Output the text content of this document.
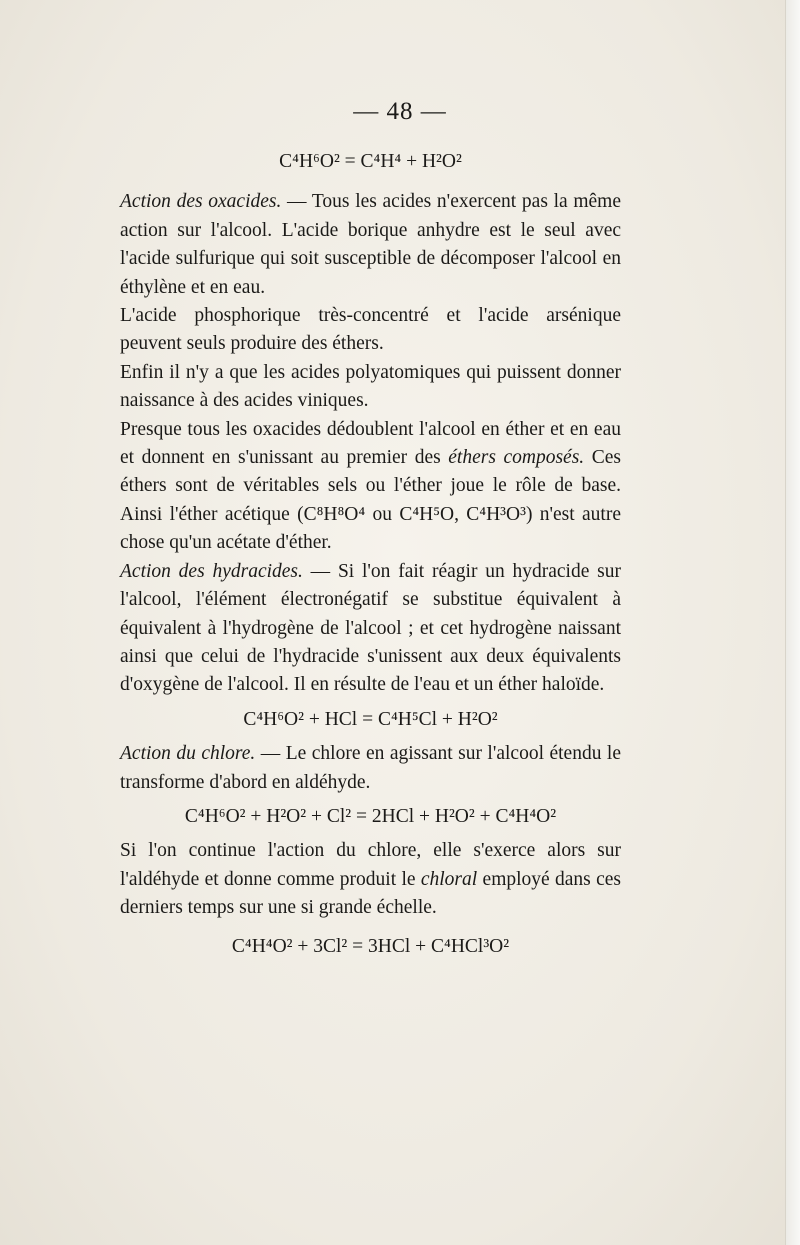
— 48 —

C⁴H⁶O² = C⁴H⁴ + H²O²

Action des oxacides. — Tous les acides n'exercent pas la même action sur l'alcool. L'acide borique anhydre est le seul avec l'acide sulfurique qui soit susceptible de décomposer l'alcool en éthylène et en eau.

L'acide phosphorique très-concentré et l'acide arsénique peuvent seuls produire des éthers.

Enfin il n'y a que les acides polyatomiques qui puissent donner naissance à des acides viniques.

Presque tous les oxacides dédoublent l'alcool en éther et en eau et donnent en s'unissant au premier des éthers composés. Ces éthers sont de véritables sels ou l'éther joue le rôle de base. Ainsi l'éther acétique (C⁸H⁸O⁴ ou C⁴H⁵O, C⁴H³O³) n'est autre chose qu'un acétate d'éther.

Action des hydracides. — Si l'on fait réagir un hydracide sur l'alcool, l'élément électronégatif se substitue équivalent à équivalent à l'hydrogène de l'alcool ; et cet hydrogène naissant ainsi que celui de l'hydracide s'unissent aux deux équivalents d'oxygène de l'alcool. Il en résulte de l'eau et un éther haloïde.

C⁴H⁶O² + HCl = C⁴H⁵Cl + H²O²

Action du chlore. — Le chlore en agissant sur l'alcool étendu le transforme d'abord en aldéhyde.

C⁴H⁶O² + H²O² + Cl² = 2HCl + H²O² + C⁴H⁴O²

Si l'on continue l'action du chlore, elle s'exerce alors sur l'aldéhyde et donne comme produit le chloral employé dans ces derniers temps sur une si grande échelle.

C⁴H⁴O² + 3Cl² = 3HCl + C⁴HCl³O²
